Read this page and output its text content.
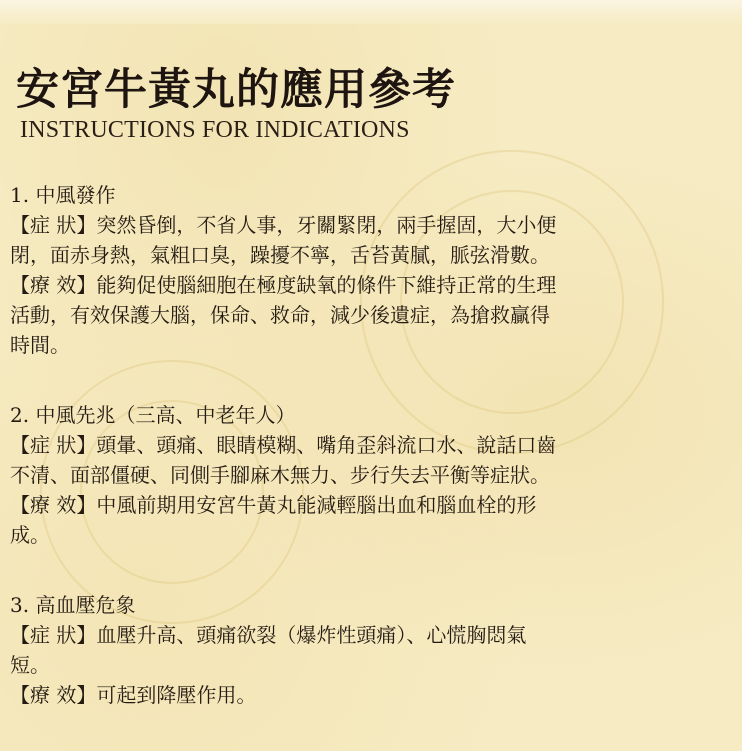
安宮牛黃丸的應用參考
INSTRUCTIONS FOR INDICATIONS
1. 中風發作
【症 狀】突然昏倒，不省人事，牙關緊閉，兩手握固，大小便
閉，面赤身熱，氣粗口臭，躁擾不寧，舌苔黃膩，脈弦滑數。
【療 效】能夠促使腦細胞在極度缺氧的條件下維持正常的生理
活動，有效保護大腦，保命、救命，減少後遺症，為搶救贏得
時間。
2. 中風先兆（三高、中老年人）
【症 狀】頭暈、頭痛、眼睛模糊、嘴角歪斜流口水、說話口齒
不清、面部僵硬、同側手腳麻木無力、步行失去平衡等症狀。
【療 效】中風前期用安宮牛黃丸能減輕腦出血和腦血栓的形
成。
3. 高血壓危象
【症 狀】血壓升高、頭痛欲裂（爆炸性頭痛）、心慌胸悶氣
短。
【療 效】可起到降壓作用。
